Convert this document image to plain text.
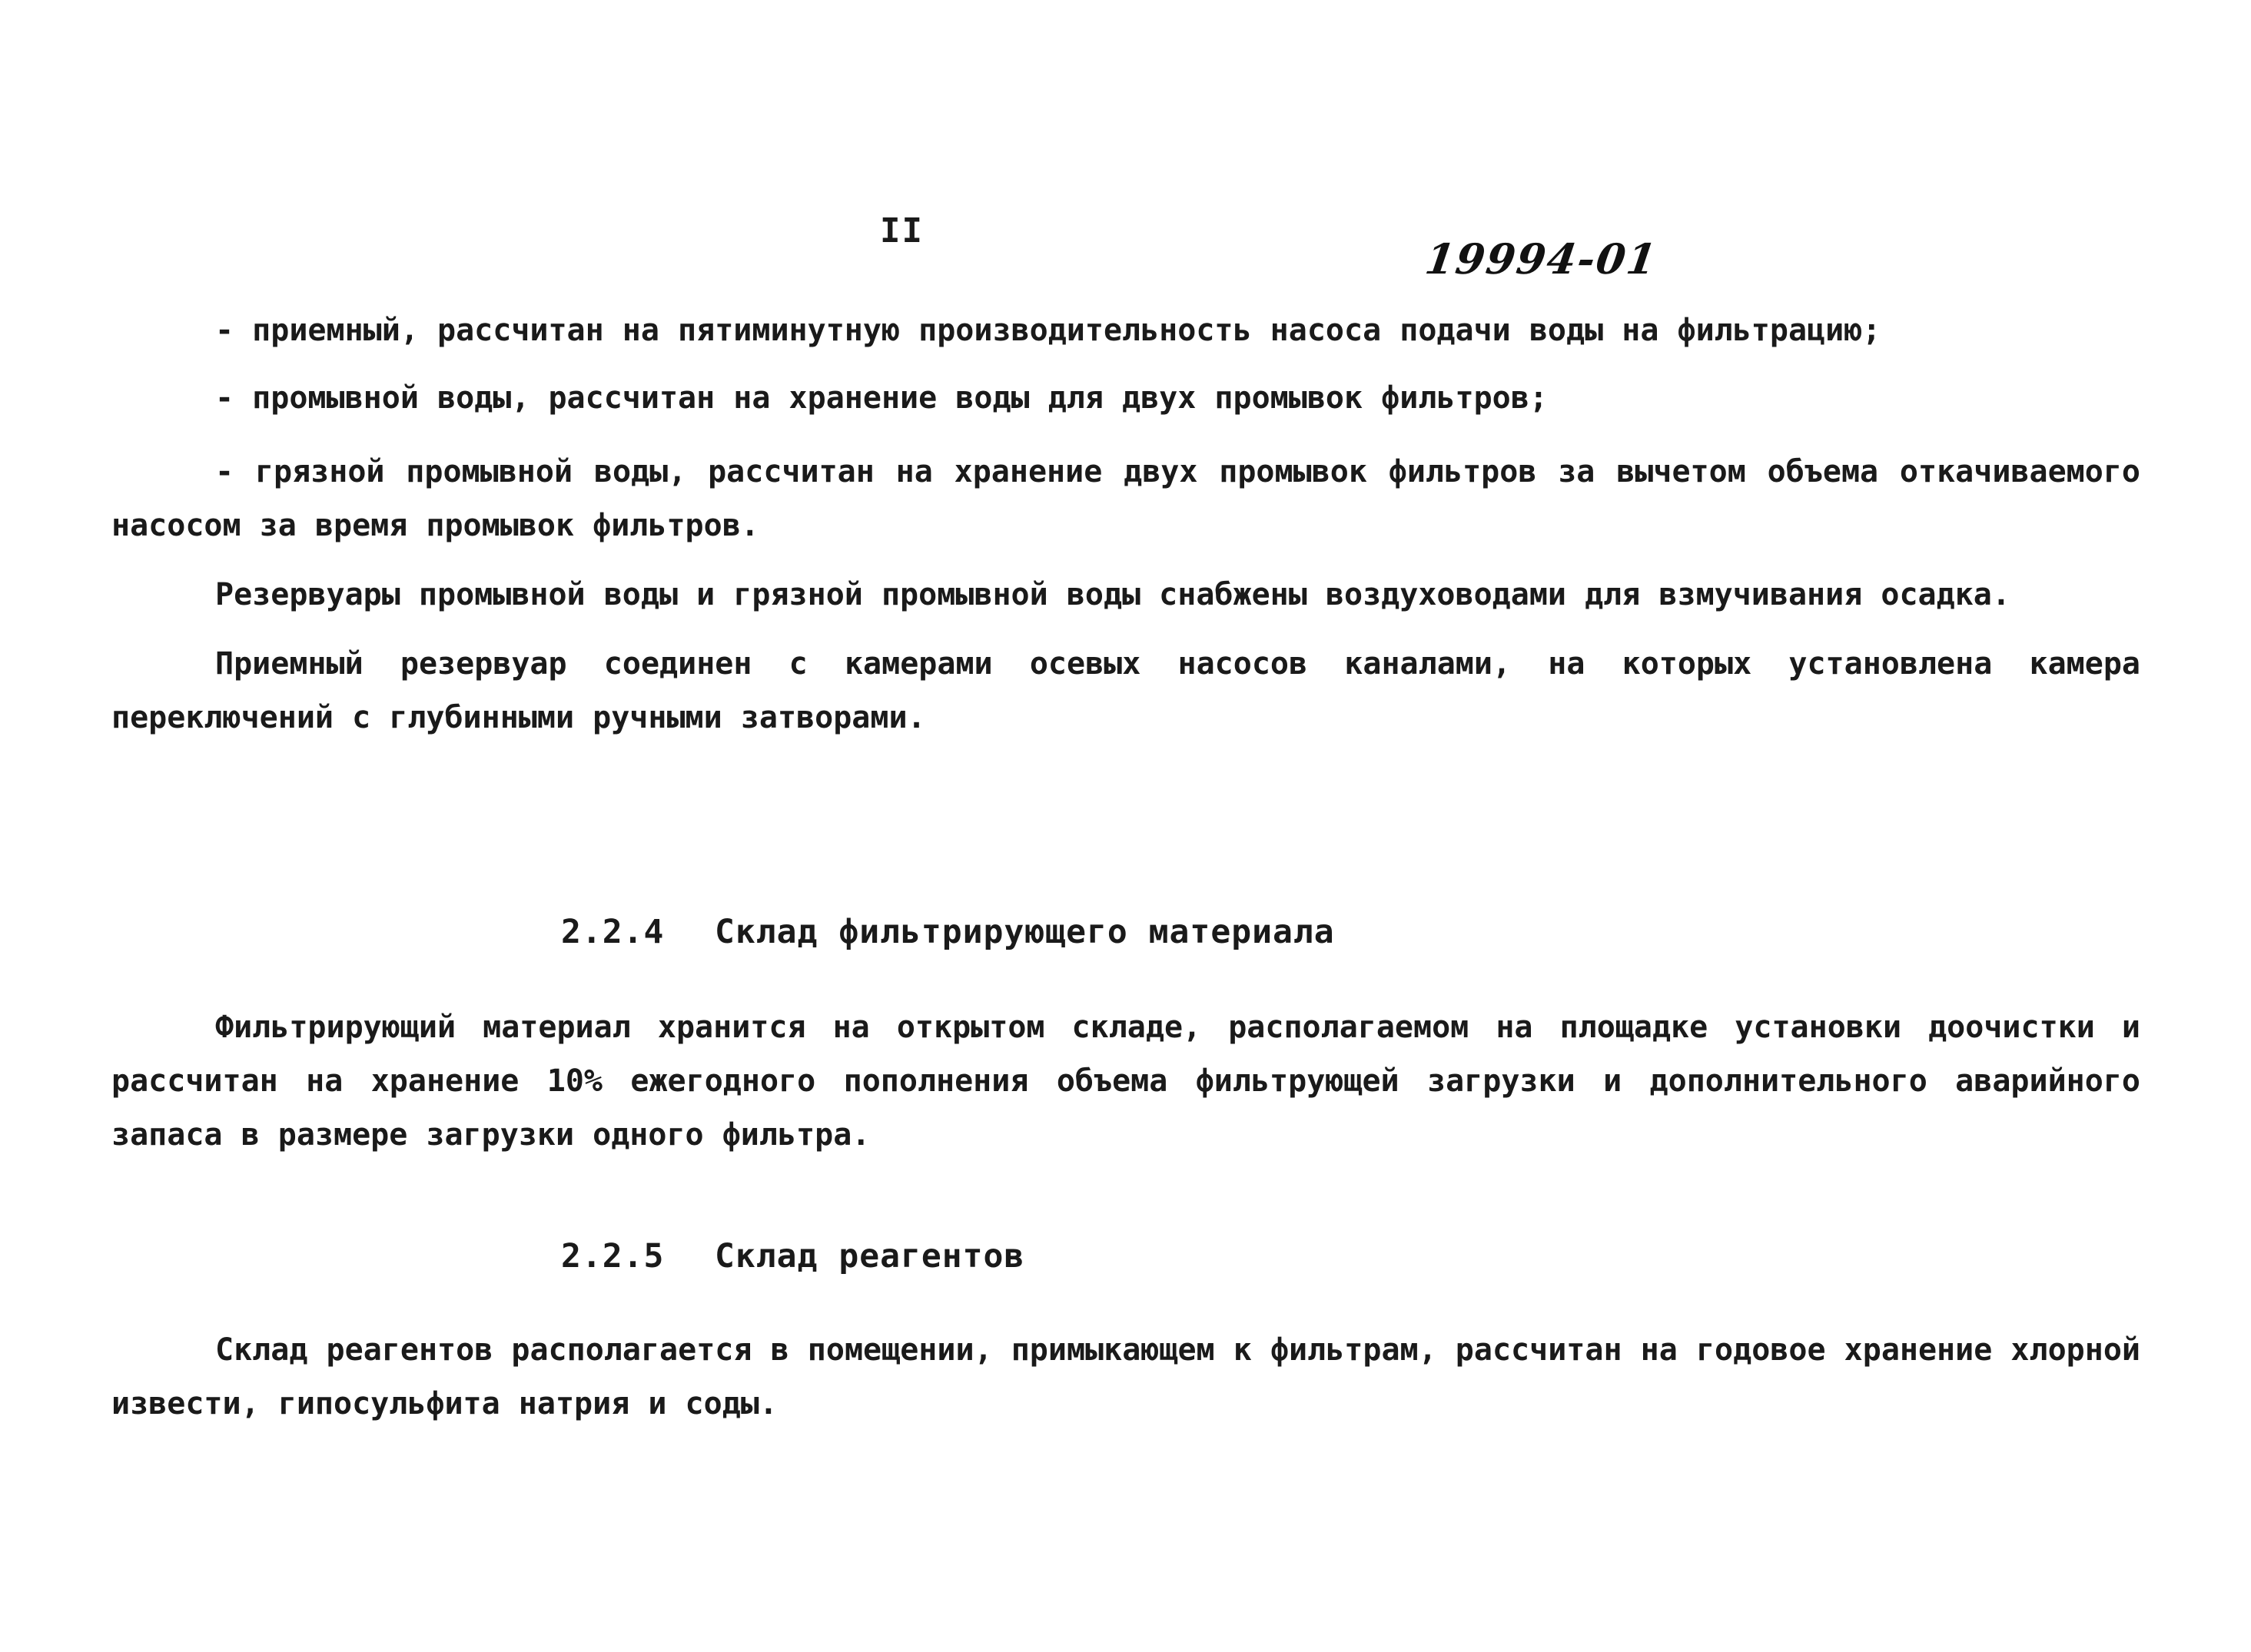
II
19994-01

- приемный, рассчитан на пятиминутную производительность насоса подачи воды на фильтрацию;

- промывной воды, рассчитан на хранение воды для двух промывок фильтров;

- грязной промывной воды, рассчитан на хранение двух промывок фильтров за вычетом объема откачиваемого насосом за время промывок фильтров.

Резервуары промывной воды и грязной промывной воды снабжены воздуховодами для взмучивания осадка.

Приемный резервуар соединен с камерами осевых насосов каналами, на которых установлена камера переключений с глубинными ручными затворами.

2.2.4 Склад фильтрирующего материала

Фильтрирующий материал хранится на открытом складе, располагаемом на площадке установки доочистки и рассчитан на хранение 10% ежегодного пополнения объема фильтрующей загрузки и дополнительного аварийного запаса в размере загрузки одного фильтра.

2.2.5 Склад реагентов

Склад реагентов располагается в помещении, примыкающем к фильтрам, рассчитан на годовое хранение хлорной извести, гипосульфита натрия и соды.
